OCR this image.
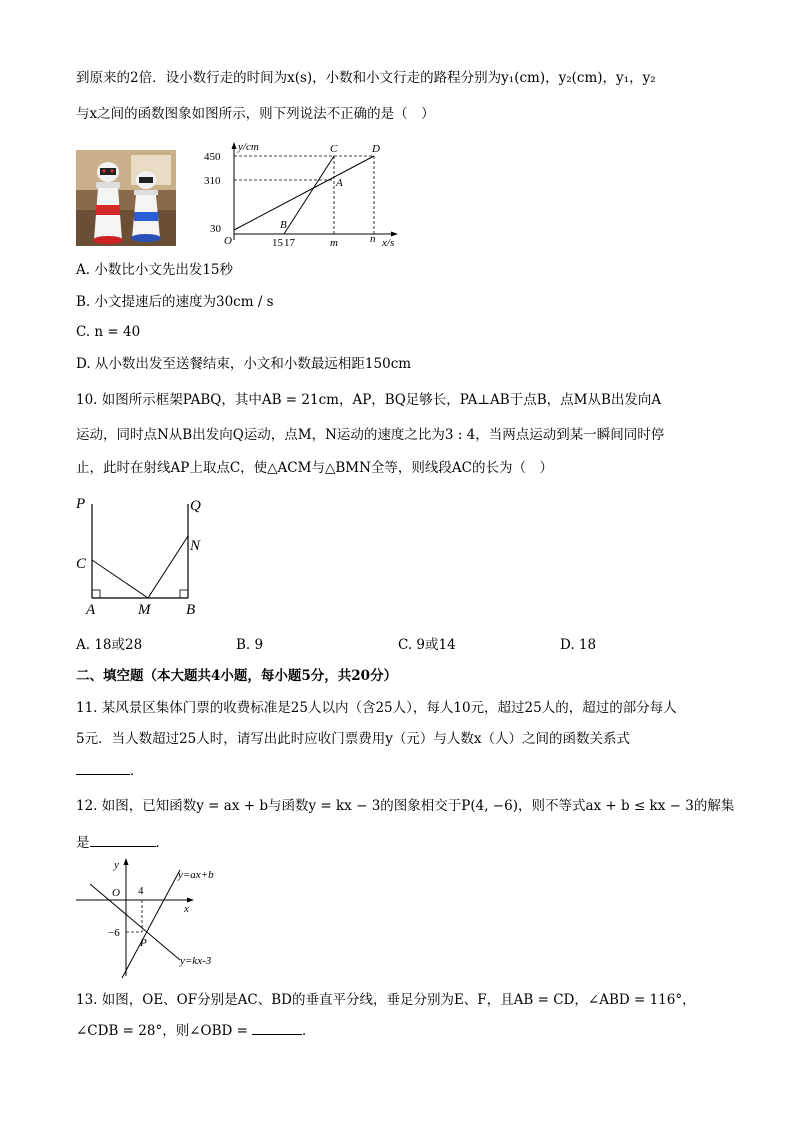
到原来的2倍．设小数行走的时间为x(s)，小数和小文行走的路程分别为y₁(cm)，y₂(cm)，y₁，y₂
与x之间的函数图象如图所示，则下列说法不正确的是（　）
y/cm
450
310
30
O	15 17	m	n x/s
C	D
A
B
A. 小数比小文先出发15秒
B. 小文提速后的速度为30cm / s
C. n = 40
D. 从小数出发至送餐结束，小文和小数最远相距150cm
10. 如图所示框架PABQ，其中AB = 21cm，AP，BQ足够长，PA⊥AB于点B，点M从B出发向A
运动，同时点N从B出发向Q运动，点M，N运动的速度之比为3 : 4，当两点运动到某一瞬间同时停
止，此时在射线AP上取点C，使△ACM与△BMN全等，则线段AC的长为（　）
P	Q
C
N
A	M B
A. 18或28	B. 9	C. 9或14	D. 18
二、填空题（本大题共4小题，每小题5分，共20分）
11. 某风景区集体门票的收费标准是25人以内（含25人），每人10元，超过25人的，超过的部分每人
5元．当人数超过25人时，请写出此时应收门票费用y（元）与人数x（人）之间的函数关系式
．
12. 如图，已知函数y = ax + b与函数y = kx − 3的图象相交于P(4, −6)，则不等式ax + b ≤ kx − 3的解集
是	．
y
x
O 4
−6
P
y=ax+b
y=kx-3
13. 如图，OE、OF分别是AC、BD的垂直平分线，垂足分别为E、F，且AB = CD，∠ABD = 116°，
∠CDB = 28°，则∠OBD =	．
